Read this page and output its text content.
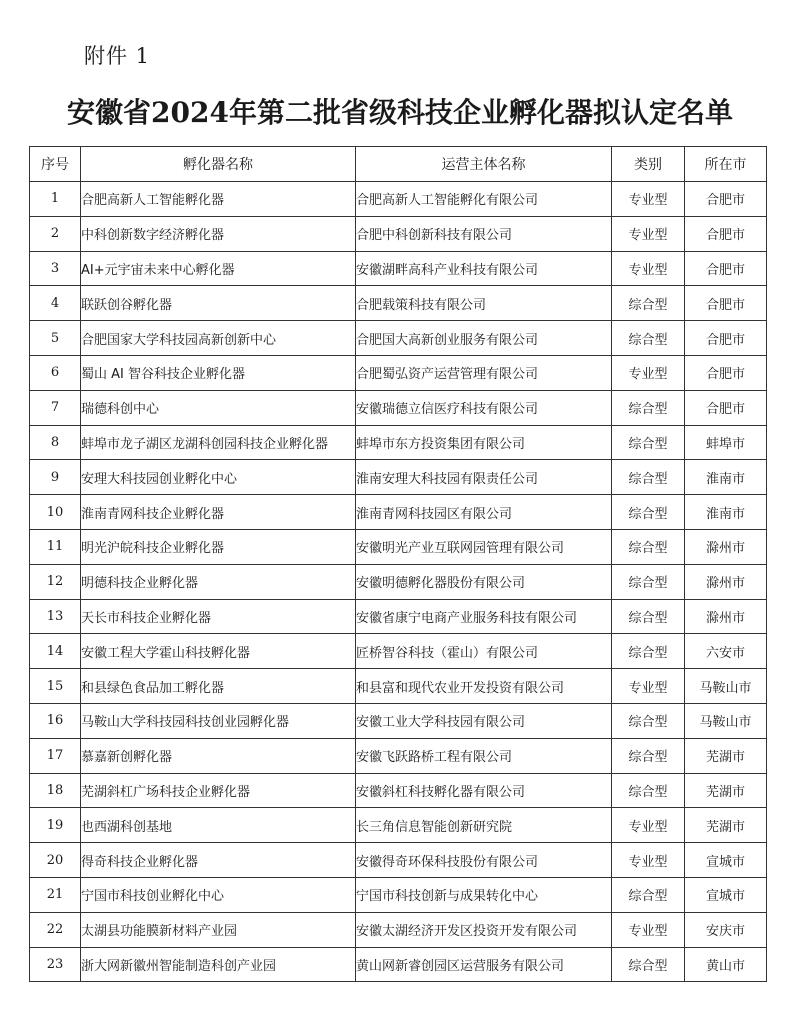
附件 1
安徽省2024年第二批省级科技企业孵化器拟认定名单
序号	孵化器名称	运营主体名称	类别	所在市
1	合肥高新人工智能孵化器	合肥高新人工智能孵化有限公司	专业型	合肥市
2	中科创新数字经济孵化器	合肥中科创新科技有限公司	专业型	合肥市
3	AI+元宇宙未来中心孵化器	安徽湖畔高科产业科技有限公司	专业型	合肥市
4	联跃创谷孵化器	合肥载策科技有限公司	综合型	合肥市
5	合肥国家大学科技园高新创新中心	合肥国大高新创业服务有限公司	综合型	合肥市
6	蜀山 AI 智谷科技企业孵化器	合肥蜀弘资产运营管理有限公司	专业型	合肥市
7	瑞德科创中心	安徽瑞德立信医疗科技有限公司	综合型	合肥市
8	蚌埠市龙子湖区龙湖科创园科技企业孵化器	蚌埠市东方投资集团有限公司	综合型	蚌埠市
9	安理大科技园创业孵化中心	淮南安理大科技园有限责任公司	综合型	淮南市
10	淮南青网科技企业孵化器	淮南青网科技园区有限公司	综合型	淮南市
11	明光沪皖科技企业孵化器	安徽明光产业互联网园管理有限公司	综合型	滁州市
12	明德科技企业孵化器	安徽明德孵化器股份有限公司	综合型	滁州市
13	天长市科技企业孵化器	安徽省康宁电商产业服务科技有限公司	综合型	滁州市
14	安徽工程大学霍山科技孵化器	匠桥智谷科技（霍山）有限公司	综合型	六安市
15	和县绿色食品加工孵化器	和县富和现代农业开发投资有限公司	专业型	马鞍山市
16	马鞍山大学科技园科技创业园孵化器	安徽工业大学科技园有限公司	综合型	马鞍山市
17	慕嘉新创孵化器	安徽飞跃路桥工程有限公司	综合型	芜湖市
18	芜湖斜杠广场科技企业孵化器	安徽斜杠科技孵化器有限公司	综合型	芜湖市
19	也西湖科创基地	长三角信息智能创新研究院	专业型	芜湖市
20	得奇科技企业孵化器	安徽得奇环保科技股份有限公司	专业型	宣城市
21	宁国市科技创业孵化中心	宁国市科技创新与成果转化中心	综合型	宣城市
22	太湖县功能膜新材料产业园	安徽太湖经济开发区投资开发有限公司	专业型	安庆市
23	浙大网新徽州智能制造科创产业园	黄山网新睿创园区运营服务有限公司	综合型	黄山市
